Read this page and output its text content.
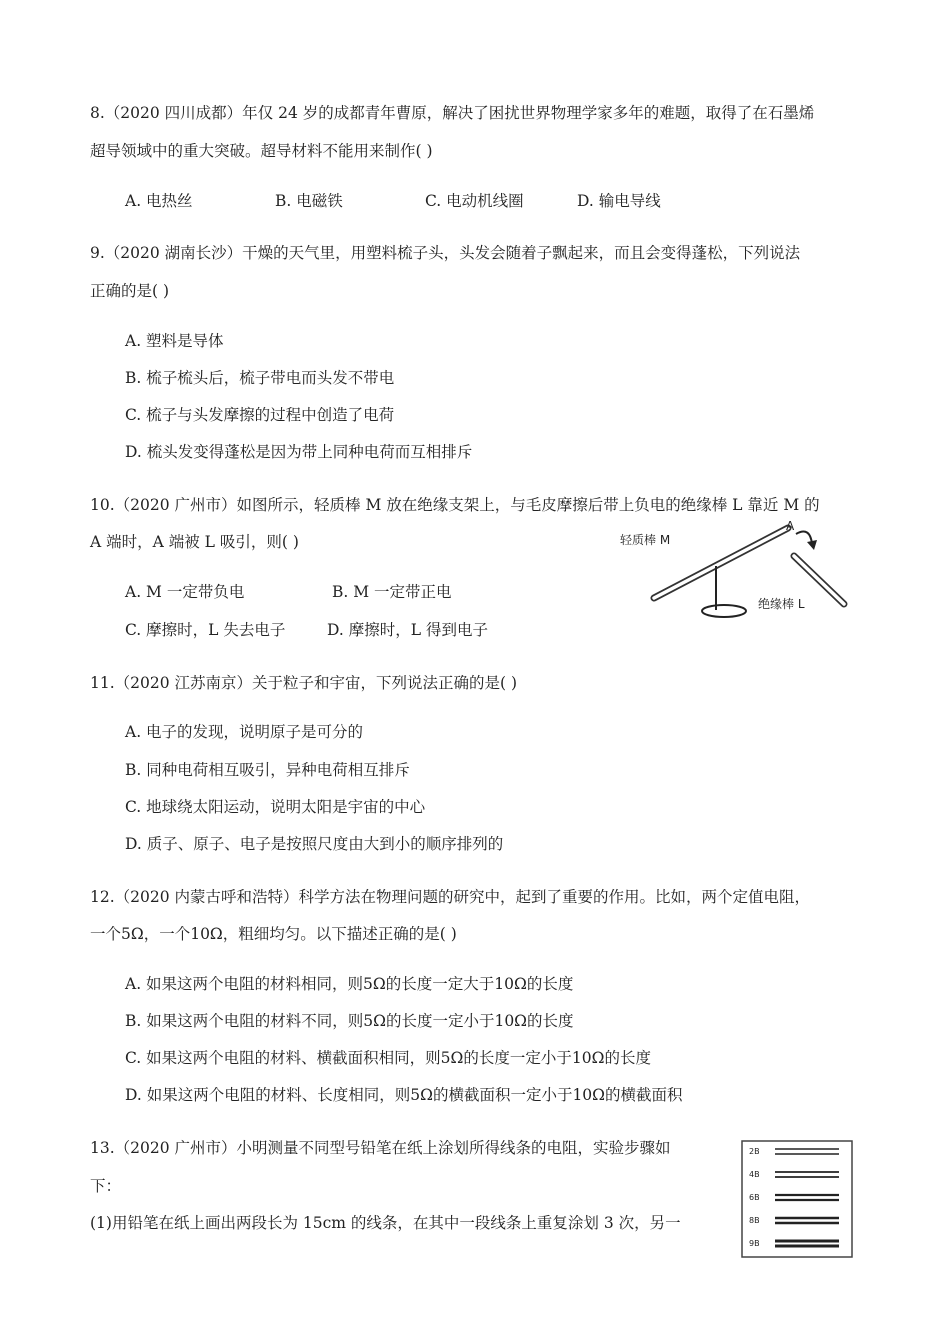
8.（2020 四川成都）年仅 24 岁的成都青年曹原，解决了困扰世界物理学家多年的难题，取得了在石墨烯
超导领域中的重大突破。超导材料不能用来制作( )
A. 电热丝	B. 电磁铁	C. 电动机线圈	D. 输电导线
9.（2020 湖南长沙）干燥的天气里，用塑料梳子头，头发会随着子飘起来，而且会变得蓬松，下列说法
正确的是( )
A. 塑料是导体
B. 梳子梳头后，梳子带电而头发不带电
C. 梳子与头发摩擦的过程中创造了电荷
D. 梳头发变得蓬松是因为带上同种电荷而互相排斥
10.（2020 广州市）如图所示，轻质棒 M 放在绝缘支架上，与毛皮摩擦后带上负电的绝缘棒 L 靠近 M 的
A 端时，A 端被 L 吸引，则( )
A. M 一定带负电	B. M 一定带正电
C. 摩擦时，L 失去电子	D. 摩擦时，L 得到电子
轻质棒 M
绝缘棒 L
A
11.（2020 江苏南京）关于粒子和宇宙，下列说法正确的是( )
A. 电子的发现，说明原子是可分的
B. 同种电荷相互吸引，异种电荷相互排斥
C. 地球绕太阳运动，说明太阳是宇宙的中心
D. 质子、原子、电子是按照尺度由大到小的顺序排列的
12.（2020 内蒙古呼和浩特）科学方法在物理问题的研究中，起到了重要的作用。比如，两个定值电阻，
一个5Ω，一个10Ω，粗细均匀。以下描述正确的是( )
A. 如果这两个电阻的材料相同，则5Ω的长度一定大于10Ω的长度
B. 如果这两个电阻的材料不同，则5Ω的长度一定小于10Ω的长度
C. 如果这两个电阻的材料、横截面积相同，则5Ω的长度一定小于10Ω的长度
D. 如果这两个电阻的材料、长度相同，则5Ω的横截面积一定小于10Ω的横截面积
13.（2020 广州市）小明测量不同型号铅笔在纸上涂划所得线条的电阻，实验步骤如
下：
(1)用铅笔在纸上画出两段长为 15cm 的线条，在其中一段线条上重复涂划 3 次，另一
2B
4B
6B
8B
9B
